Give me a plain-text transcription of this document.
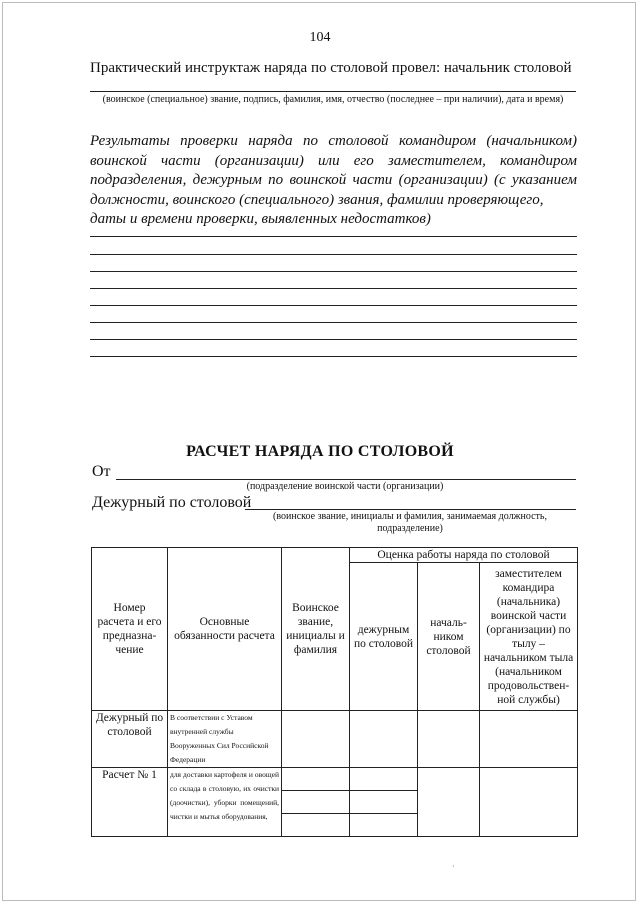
104
Практический инструктаж наряда по столовой провел: начальник столовой
(воинское (специальное) звание, подпись, фамилия, имя, отчество (последнее – при наличии), дата и время)
Результаты проверки наряда по столовой командиром (начальником) воинской части (организации) или его заместителем, командиром подразделения, дежурным по воинской части (организации) (с указанием должности, воинского (специального) звания, фамилии проверяющего,
даты и времени проверки, выявленных недостатков)
РАСЧЕТ НАРЯДА ПО СТОЛОВОЙ
От
(подразделение воинской части (организации)
Дежурный по столовой
(воинское звание, инициалы и фамилия, занимаемая должность, подразделение)
Номер расчета и его предназна-чение	Основные обязанности расчета	Воинское звание, инициалы и фамилия	Оценка работы наряда по столовой		
			дежурным по столовой	началь-ником столовой	заместителем командира (начальника) воинской части (организации) по тылу – начальником тыла (начальником продовольствен-ной службы)
Дежурный по столовой	В соответствии с Уставом внутренней службы Вооруженных Сил Российской Федерации				
Расчет № 1	для доставки картофеля и овощей со склада в столовую, их очистки (доочистки), уборки помещений, чистки и мытья оборудования,	

·
